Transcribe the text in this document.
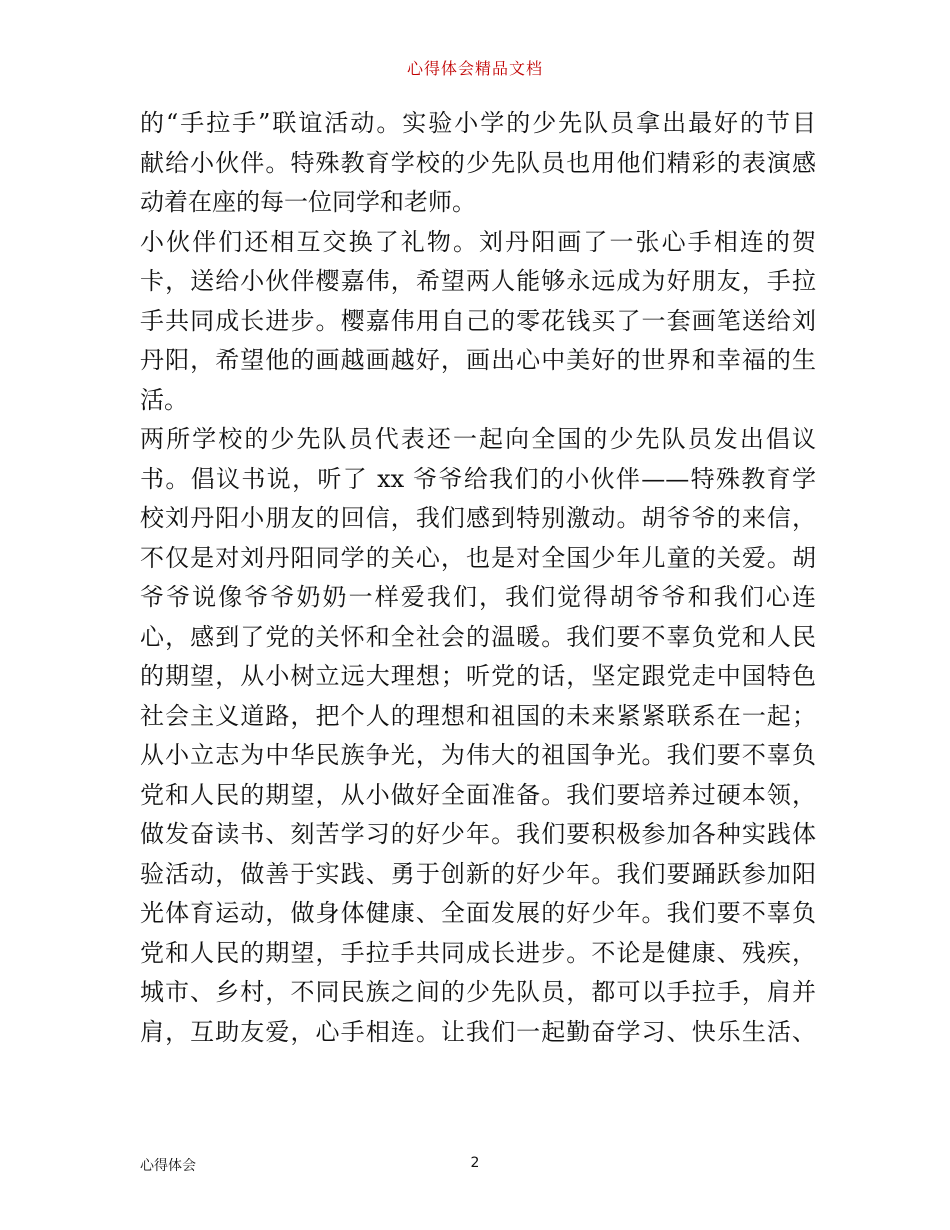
心得体会精品文档
的“手拉手”联谊活动。实验小学的少先队员拿出最好的节目
献给小伙伴。特殊教育学校的少先队员也用他们精彩的表演感
动着在座的每一位同学和老师。
小伙伴们还相互交换了礼物。刘丹阳画了一张心手相连的贺
卡，送给小伙伴樱嘉伟，希望两人能够永远成为好朋友，手拉
手共同成长进步。樱嘉伟用自己的零花钱买了一套画笔送给刘
丹阳，希望他的画越画越好，画出心中美好的世界和幸福的生
活。
两所学校的少先队员代表还一起向全国的少先队员发出倡议
书。倡议书说，听了 xx 爷爷给我们的小伙伴——特殊教育学
校刘丹阳小朋友的回信，我们感到特别激动。胡爷爷的来信，
不仅是对刘丹阳同学的关心，也是对全国少年儿童的关爱。胡
爷爷说像爷爷奶奶一样爱我们，我们觉得胡爷爷和我们心连
心，感到了党的关怀和全社会的温暖。我们要不辜负党和人民
的期望，从小树立远大理想；听党的话，坚定跟党走中国特色
社会主义道路，把个人的理想和祖国的未来紧紧联系在一起；
从小立志为中华民族争光，为伟大的祖国争光。我们要不辜负
党和人民的期望，从小做好全面准备。我们要培养过硬本领，
做发奋读书、刻苦学习的好少年。我们要积极参加各种实践体
验活动，做善于实践、勇于创新的好少年。我们要踊跃参加阳
光体育运动，做身体健康、全面发展的好少年。我们要不辜负
党和人民的期望，手拉手共同成长进步。不论是健康、残疾，
城市、乡村，不同民族之间的少先队员，都可以手拉手，肩并
肩，互助友爱，心手相连。让我们一起勤奋学习、快乐生活、
心得体会	2
